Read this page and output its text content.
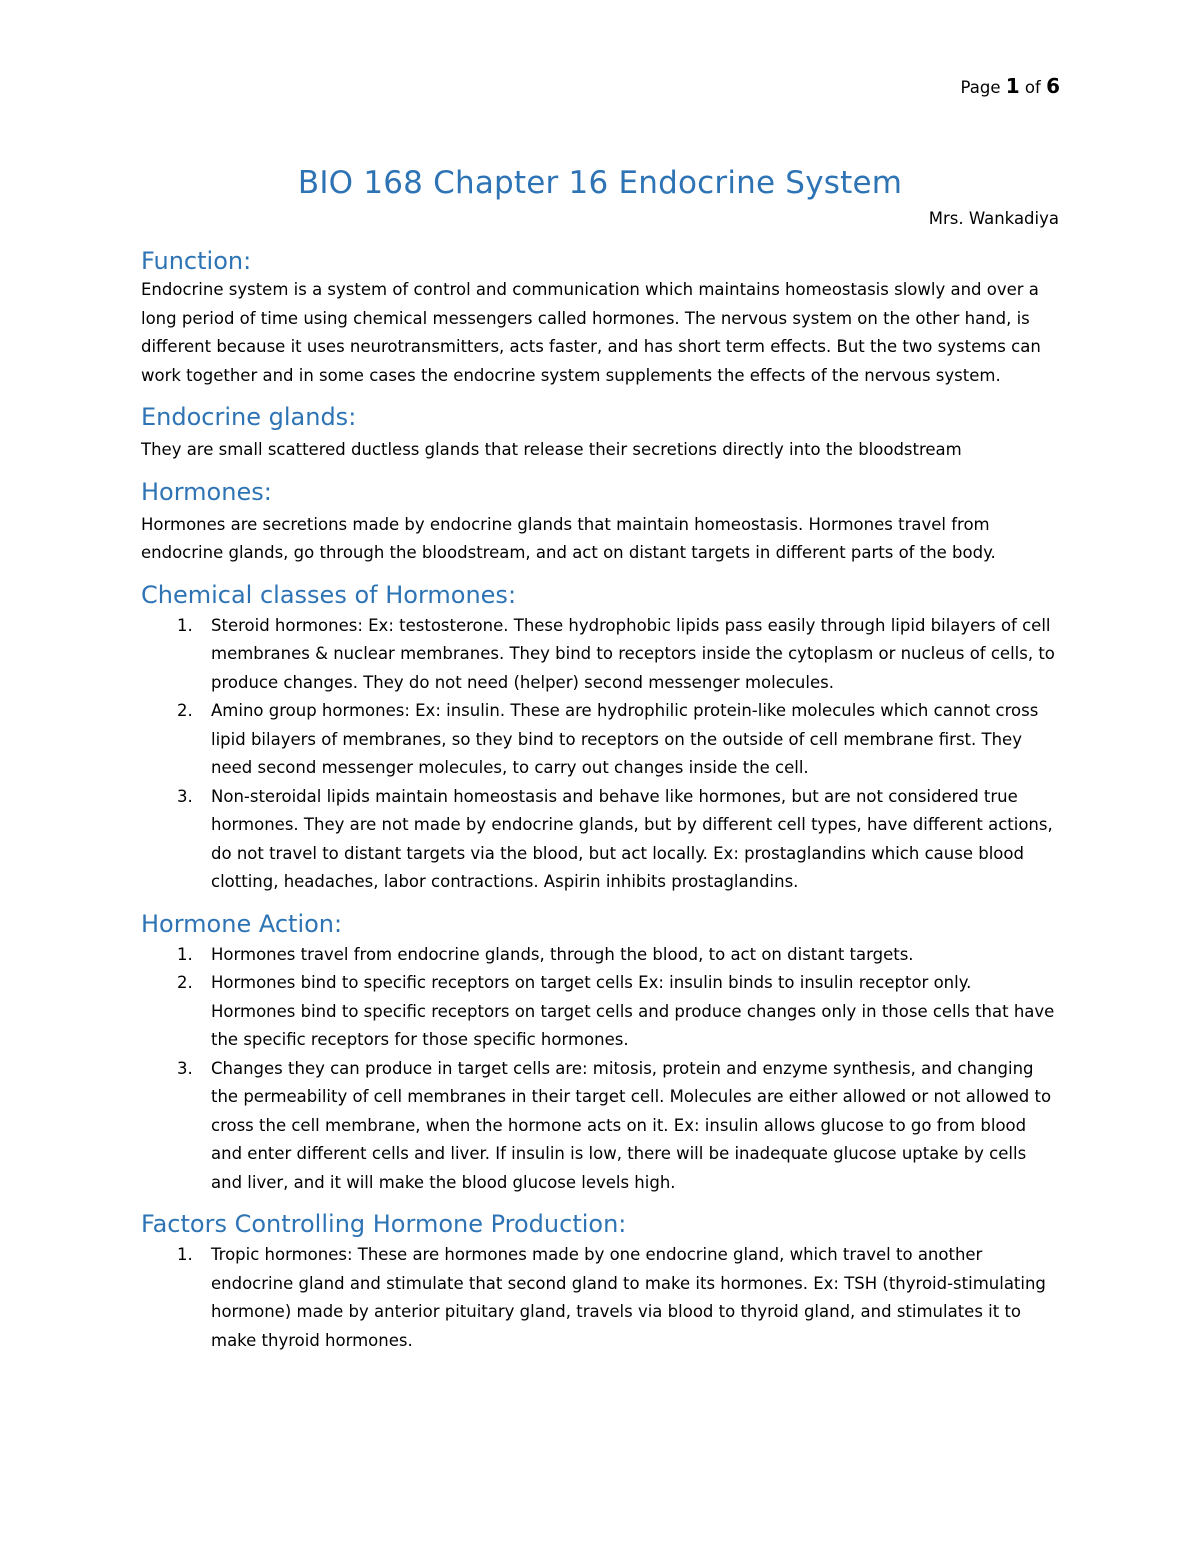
Page 1 of 6
BIO 168 Chapter 16 Endocrine System
Mrs. Wankadiya
Function:

Endocrine system is a system of control and communication which maintains homeostasis slowly and over a long period of time using chemical messengers called hormones. The nervous system on the other hand, is different because it uses neurotransmitters, acts faster, and has short term effects. But the two systems can work together and in some cases the endocrine system supplements the effects of the nervous system.

Endocrine glands:

They are small scattered ductless glands that release their secretions directly into the bloodstream

Hormones:

Hormones are secretions made by endocrine glands that maintain homeostasis. Hormones travel from endocrine glands, go through the bloodstream, and act on distant targets in different parts of the body.

Chemical classes of Hormones:
1. Steroid hormones: Ex: testosterone. These hydrophobic lipids pass easily through lipid bilayers of cell membranes & nuclear membranes. They bind to receptors inside the cytoplasm or nucleus of cells, to produce changes. They do not need (helper) second messenger molecules.
2. Amino group hormones: Ex: insulin. These are hydrophilic protein-like molecules which cannot cross lipid bilayers of membranes, so they bind to receptors on the outside of cell membrane first. They need second messenger molecules, to carry out changes inside the cell.
3. Non-steroidal lipids maintain homeostasis and behave like hormones, but are not considered true hormones. They are not made by endocrine glands, but by different cell types, have different actions, do not travel to distant targets via the blood, but act locally. Ex: prostaglandins which cause blood clotting, headaches, labor contractions. Aspirin inhibits prostaglandins.
Hormone Action:
1. Hormones travel from endocrine glands, through the blood, to act on distant targets.
2. Hormones bind to specific receptors on target cells Ex: insulin binds to insulin receptor only. Hormones bind to specific receptors on target cells and produce changes only in those cells that have the specific receptors for those specific hormones.
3. Changes they can produce in target cells are: mitosis, protein and enzyme synthesis, and changing the permeability of cell membranes in their target cell. Molecules are either allowed or not allowed to cross the cell membrane, when the hormone acts on it. Ex: insulin allows glucose to go from blood and enter different cells and liver. If insulin is low, there will be inadequate glucose uptake by cells and liver, and it will make the blood glucose levels high.
Factors Controlling Hormone Production:
1. Tropic hormones: These are hormones made by one endocrine gland, which travel to another endocrine gland and stimulate that second gland to make its hormones. Ex: TSH (thyroid-stimulating hormone) made by anterior pituitary gland, travels via blood to thyroid gland, and stimulates it to make thyroid hormones.
